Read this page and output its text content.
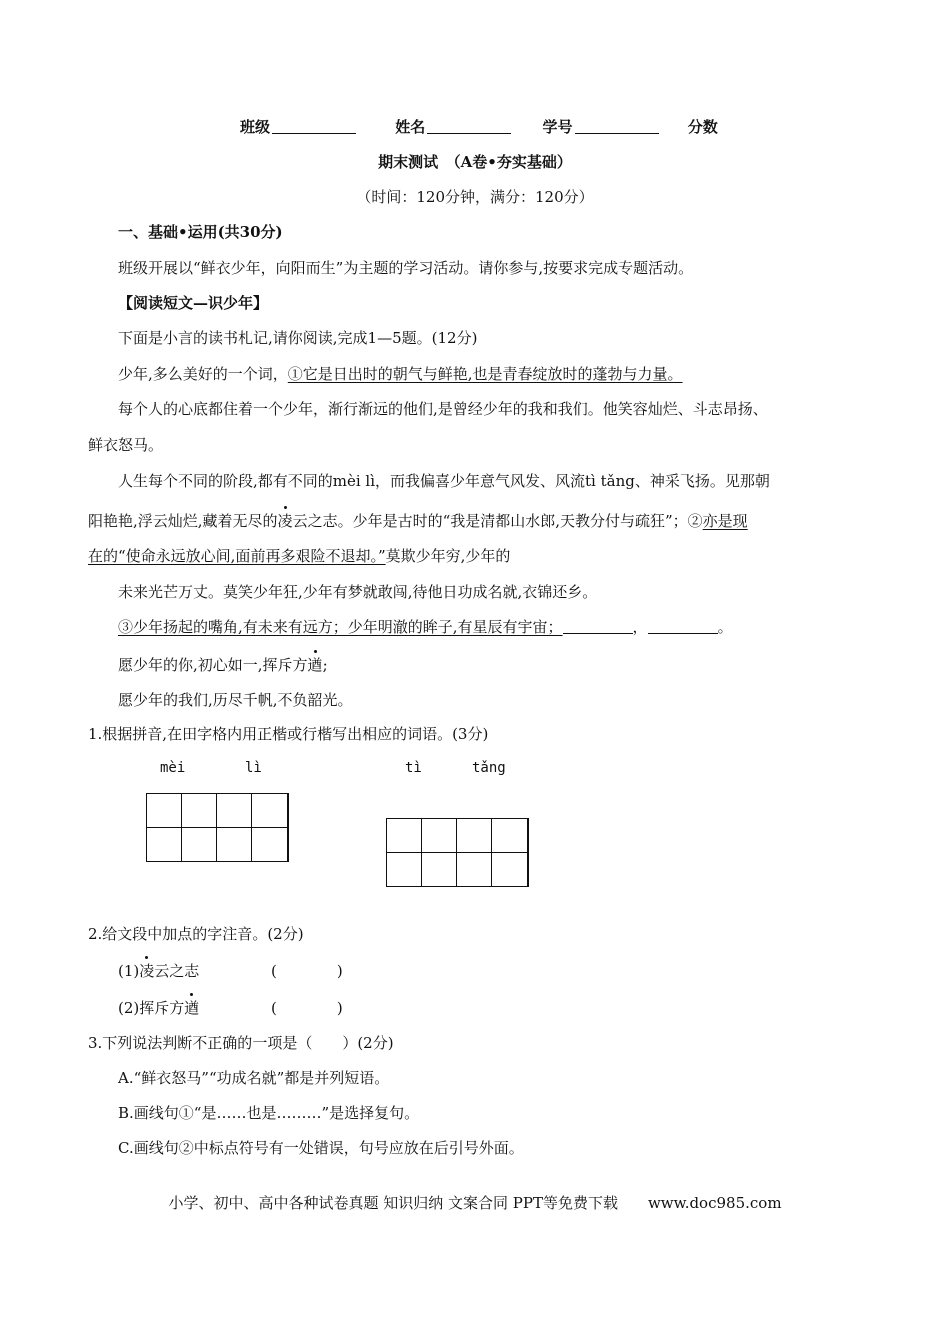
班级	姓名	学号	分数
期末测试　（A卷•夯实基础）
（时间：120分钟，满分：120分）
一、基础•运用(共30分)
班级开展以“鲜衣少年，向阳而生”为主题的学习活动。请你参与,按要求完成专题活动。
【阅读短文—识少年】
下面是小言的读书札记,请你阅读,完成1—5题。(12分)
少年,多么美好的一个词，①它是日出时的朝气与鲜艳,也是青春绽放时的蓬勃与力量。
每个人的心底都住着一个少年，渐行渐远的他们,是曾经少年的我和我们。他笑容灿烂、斗志昂扬、
鲜衣怒马。
人生每个不同的阶段,都有不同的mèi lì，而我偏喜少年意气风发、风流tì tǎng、神采飞扬。见那朝
阳艳艳,浮云灿烂,藏着无尽的凌云之志。少年是古时的“我是清都山水郎,天教分付与疏狂”；②亦是现
在的“使命永远放心间,面前再多艰险不退却。”莫欺少年穷,少年的
未来光芒万丈。莫笑少年狂,少年有梦就敢闯,待他日功成名就,衣锦还乡。
③少年扬起的嘴角,有未来有远方；少年明澈的眸子,有星辰有宇宙；	，	。
愿少年的你,初心如一,挥斥方遒;
愿少年的我们,历尽千帆,不负韶光。
1.根据拼音,在田字格内用正楷或行楷写出相应的词语。(3分)
mèi	lì	tì	tǎng
2.给文段中加点的字注音。(2分)
(1)凌云之志	(　　　　)
(2)挥斥方遒	(　　　　)
3.下列说法判断不正确的一项是（　　）(2分)
A.“鲜衣怒马”“功成名就”都是并列短语。
B.画线句①“是……也是………”是选择复句。
C.画线句②中标点符号有一处错误，句号应放在后引号外面。
小学、初中、高中各种试卷真题 知识归纳 文案合同 PPT等免费下载　　www.doc985.com
